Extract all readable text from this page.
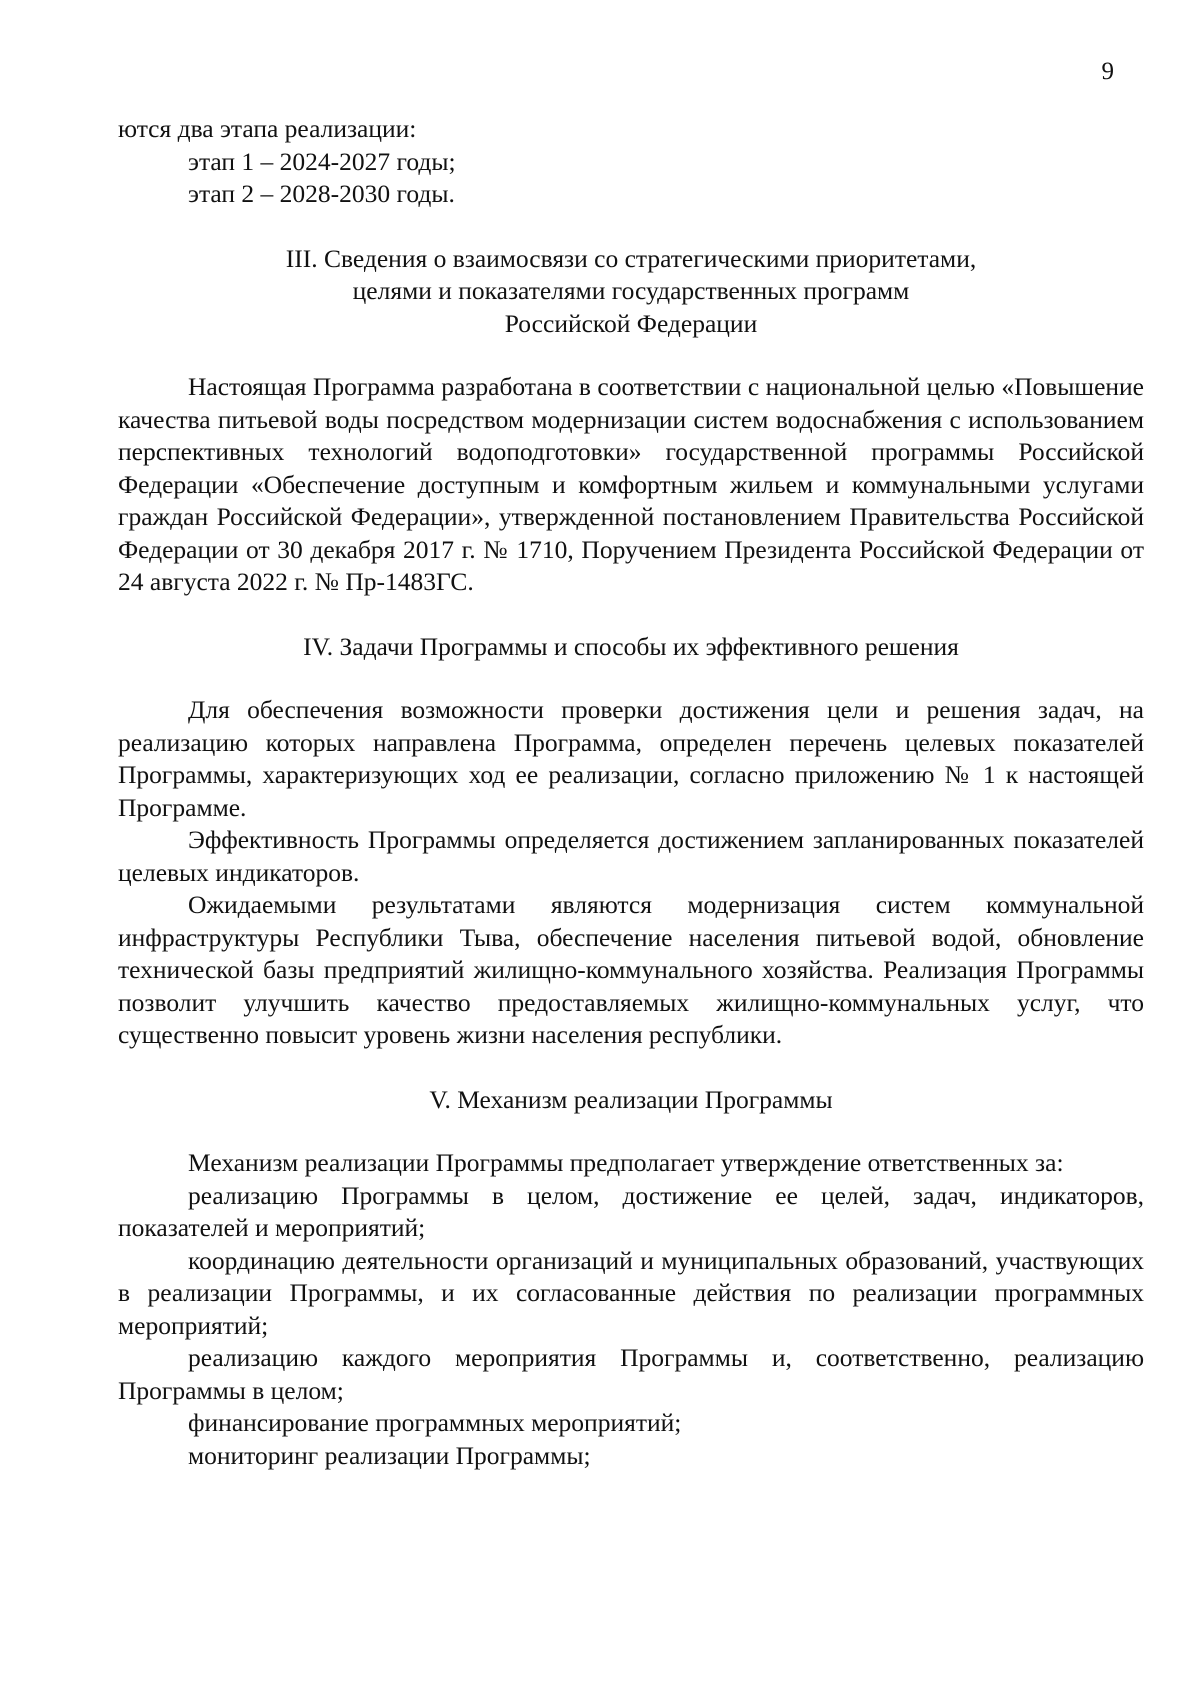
9

ются два этапа реализации:

этап 1 – 2024-2027 годы;

этап 2 – 2028-2030 годы.

III. Сведения о взаимосвязи со стратегическими приоритетами,
целями и показателями государственных программ
Российской Федерации

Настоящая Программа разработана в соответствии с национальной целью «Повышение качества питьевой воды посредством модернизации систем водоснабжения с использованием перспективных технологий водоподготовки» государственной программы Российской Федерации «Обеспечение доступным и комфортным жильем и коммунальными услугами граждан Российской Федерации», утвержденной постановлением Правительства Российской Федерации от 30 декабря 2017 г. № 1710, Поручением Президента Российской Федерации от 24 августа 2022 г. № Пр-1483ГС.

IV. Задачи Программы и способы их эффективного решения

Для обеспечения возможности проверки достижения цели и решения задач, на реализацию которых направлена Программа, определен перечень целевых показателей Программы, характеризующих ход ее реализации, согласно приложению № 1 к настоящей Программе.

Эффективность Программы определяется достижением запланированных показателей целевых индикаторов.

Ожидаемыми результатами являются модернизация систем коммунальной инфраструктуры Республики Тыва, обеспечение населения питьевой водой, обновление технической базы предприятий жилищно-коммунального хозяйства. Реализация Программы позволит улучшить качество предоставляемых жилищно-коммунальных услуг, что существенно повысит уровень жизни населения республики.

V. Механизм реализации Программы

Механизм реализации Программы предполагает утверждение ответственных за:

реализацию Программы в целом, достижение ее целей, задач, индикаторов, показателей и мероприятий;

координацию деятельности организаций и муниципальных образований, участвующих в реализации Программы, и их согласованные действия по реализации программных мероприятий;

реализацию каждого мероприятия Программы и, соответственно, реализацию Программы в целом;

финансирование программных мероприятий;

мониторинг реализации Программы;
